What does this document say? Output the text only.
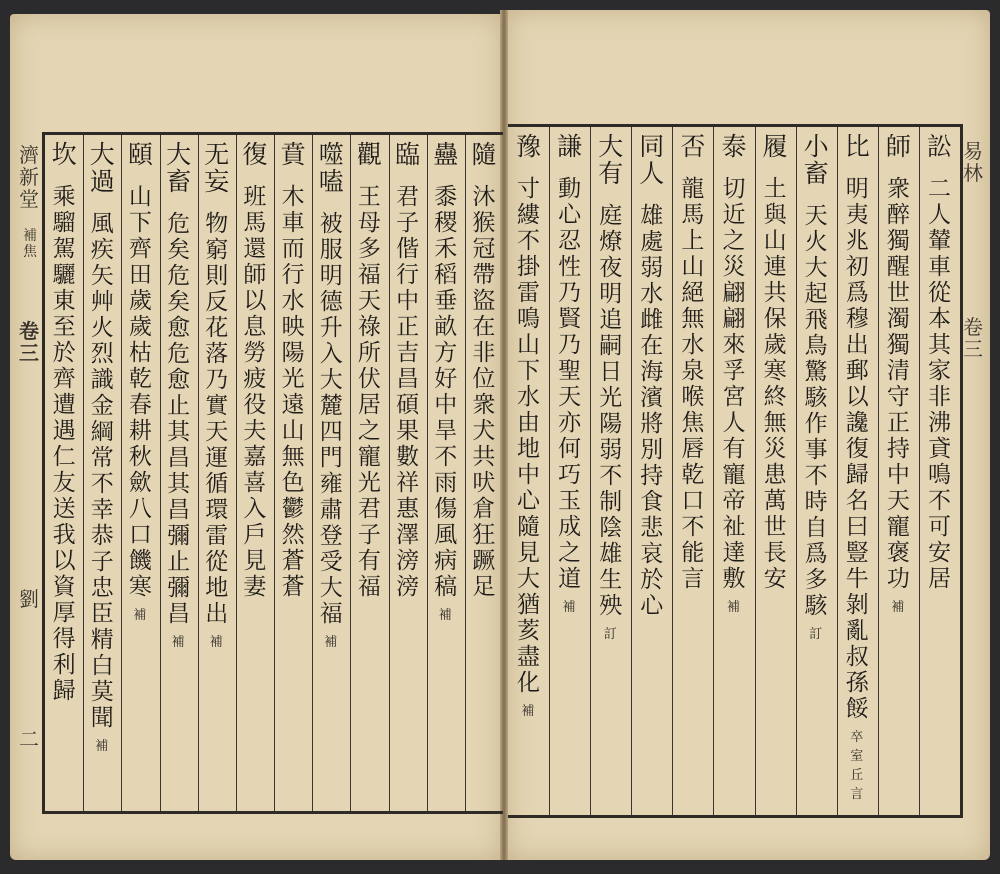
濟新堂
補焦
卷三
劉
二
易林
卷三
隨
沐猴冠帶盜在非位衆犬共吠倉狂蹶足
蠱
黍稷禾稻垂畝方好中旱不雨傷風病稿
補
臨
君子偕行中正吉昌碩果數祥惠澤滂滂
觀
王母多福天祿所伏居之寵光君子有福
噬嗑
被服明德升入大麓四門雍肅登受大福
補
賁
木車而行水映陽光遠山無色鬱然蒼蒼
復
班馬還師以息勞疲役夫嘉喜入戶見妻
无妄
物窮則反花落乃實天運循環雷從地出
補
大畜
危矣危矣愈危愈止其昌其昌彌止彌昌
補
頤
山下齊田歲歲枯乾春耕秋歛八口饑寒
補
大過
風疾矢艸火烈識金綱常不幸恭子忠臣精白莫聞
補
坎
乘騮駕驪東至於齊遭遇仁友送我以資厚得利歸
訟
二人輦車從本其家非沸貣鳴不可安居
師
衆醉獨醒世濁獨清守正持中天寵褒功
補
比
明夷兆初爲穆出郵以讒復歸名曰豎牛剝亂叔孫餒
卒室丘言
小畜
天火大起飛鳥驚駭作事不時自爲多駭
訂
履
土與山連共保歲寒終無災患萬世長安
泰
切近之災翩翩來孚宮人有寵帝祉達敷
補
否
龍馬上山絕無水泉喉焦唇乾口不能言
同人
雄處弱水雌在海濱將別持食悲哀於心
大有
庭燎夜明追嗣日光陽弱不制陰雄生殃
訂
謙
動心忍性乃賢乃聖天亦何巧玉成之道
補
豫
寸縷不掛雷鳴山下水由地中心隨見大猶荄盡化
補
